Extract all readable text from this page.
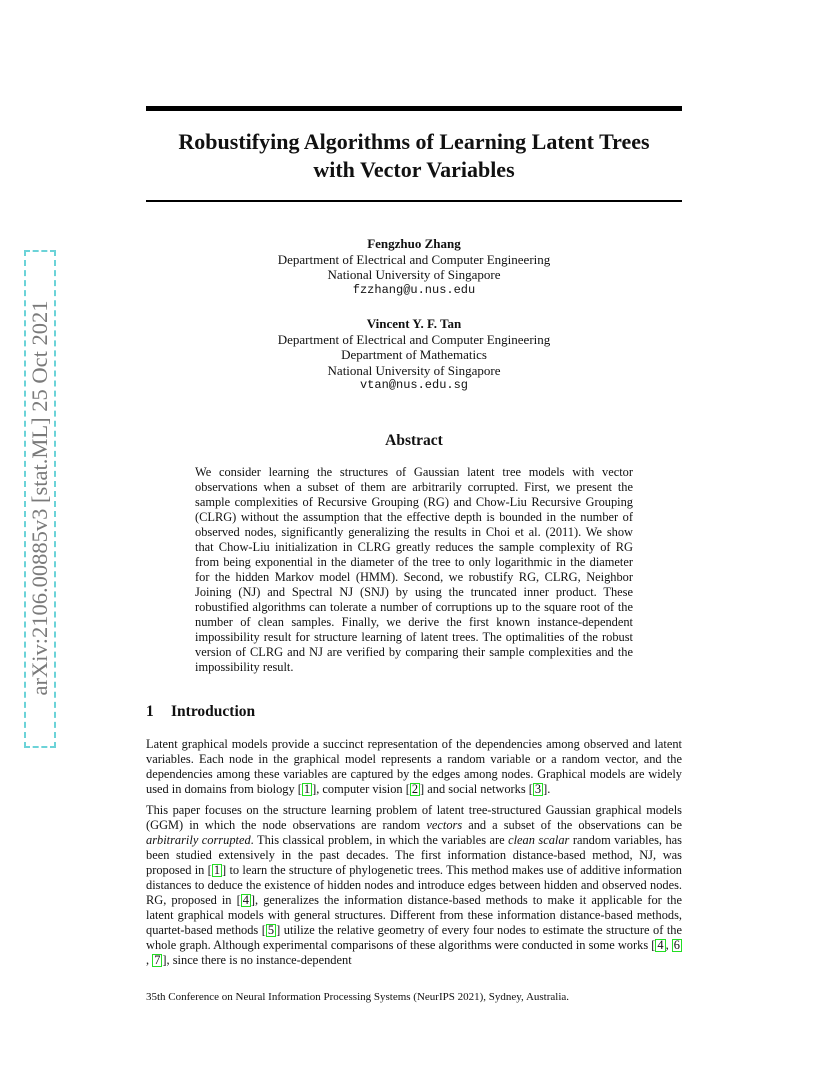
arXiv:2106.00885v3 [stat.ML] 25 Oct 2021
Robustifying Algorithms of Learning Latent Trees
with Vector Variables
Fengzhuo Zhang
Department of Electrical and Computer Engineering
National University of Singapore
fzzhang@u.nus.edu
Vincent Y. F. Tan
Department of Electrical and Computer Engineering
Department of Mathematics
National University of Singapore
vtan@nus.edu.sg
Abstract
We consider learning the structures of Gaussian latent tree models with vector observations when a subset of them are arbitrarily corrupted. First, we present the sample complexities of Recursive Grouping (RG) and Chow-Liu Recursive Grouping (CLRG) without the assumption that the effective depth is bounded in the number of observed nodes, significantly generalizing the results in Choi et al. (2011). We show that Chow-Liu initialization in CLRG greatly reduces the sample complexity of RG from being exponential in the diameter of the tree to only logarithmic in the diameter for the hidden Markov model (HMM). Second, we robustify RG, CLRG, Neighbor Joining (NJ) and Spectral NJ (SNJ) by using the truncated inner product. These robustified algorithms can tolerate a number of corruptions up to the square root of the number of clean samples. Finally, we derive the first known instance-dependent impossibility result for structure learning of latent trees. The optimalities of the robust version of CLRG and NJ are verified by comparing their sample complexities and the impossibility result.
1 Introduction

Latent graphical models provide a succinct representation of the dependencies among observed and latent variables. Each node in the graphical model represents a random variable or a random vector, and the dependencies among these variables are captured by the edges among nodes. Graphical models are widely used in domains from biology [ 1 ], computer vision [ 2 ] and social networks [ 3 ].

This paper focuses on the structure learning problem of latent tree-structured Gaussian graphical models (GGM) in which the node observations are random vectors and a subset of the observations can be arbitrarily corrupted. This classical problem, in which the variables are clean scalar random variables, has been studied extensively in the past decades. The first information distance-based method, NJ, was proposed in [ 1 ] to learn the structure of phylogenetic trees. This method makes use of additive information distances to deduce the existence of hidden nodes and introduce edges between hidden and observed nodes. RG, proposed in [ 4 ], generalizes the information distance-based methods to make it applicable for the latent graphical models with general structures. Different from these information distance-based methods, quartet-based methods [ 5 ] utilize the relative geometry of every four nodes to estimate the structure of the whole graph. Although experimental comparisons of these algorithms were conducted in some works [ 4 , 6, 7 ], since there is no instance-dependent

35th Conference on Neural Information Processing Systems (NeurIPS 2021), Sydney, Australia.
